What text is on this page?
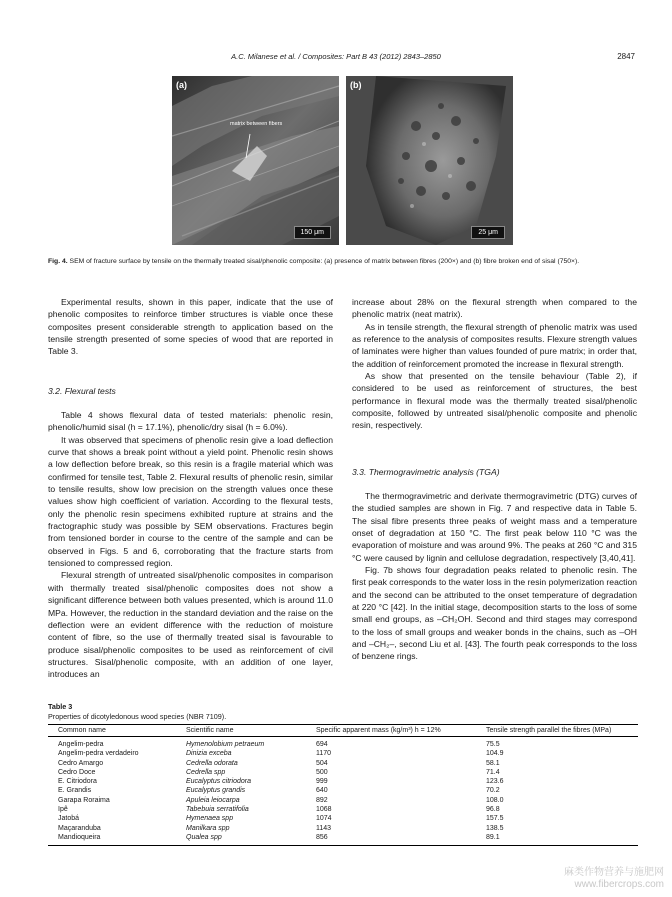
A.C. Milanese et al. / Composites: Part B 43 (2012) 2843–2850	2847
(a)
matrix between fibers
150 μm
(b)
25 μm
Fig. 4. SEM of fracture surface by tensile on the thermally treated sisal/phenolic composite: (a) presence of matrix between fibres (200×) and (b) fibre broken end of sisal (750×).

Experimental results, shown in this paper, indicate that the use of phenolic composites to reinforce timber structures is viable once these composites present considerable strength to application based on the tensile strength presented of some species of wood that are reported in Table 3.

3.2. Flexural tests

Table 4 shows flexural data of tested materials: phenolic resin, phenolic/humid sisal (h = 17.1%), phenolic/dry sisal (h = 6.0%).

It was observed that specimens of phenolic resin give a load deflection curve that shows a break point without a yield point. Phenolic resin shows a low deflection before break, so this resin is a fragile material which was confirmed for tensile test, Table 2. Flexural results of phenolic resin, similar to tensile results, show low precision on the strength values once these values show high coefficient of variation. According to the flexural tests, only the phenolic resin specimens exhibited rupture at strains and the fractographic study was possible by SEM observations. Fractures begin from tensioned border in course to the centre of the sample and can be observed in Figs. 5 and 6, corroborating that the fracture starts from tensioned to compressed region.

Flexural strength of untreated sisal/phenolic composites in comparison with thermally treated sisal/phenolic composites does not show a significant difference between both values presented, which is around 11.0 MPa. However, the reduction in the standard deviation and the raise on the deflection were an evident difference with the reduction of moisture content of fibre, so the use of thermally treated sisal is favourable to produce sisal/phenolic composites to be used as reinforcement of civil structures. Sisal/phenolic composite, with an addition of one layer, introduces an

increase about 28% on the flexural strength when compared to the phenolic matrix (neat matrix).

As in tensile strength, the flexural strength of phenolic matrix was used as reference to the analysis of composites results. Flexure strength values of laminates were higher than values founded of pure matrix; in order that, the addition of reinforcement promoted the increase in flexural strength.

As show that presented on the tensile behaviour (Table 2), if considered to be used as reinforcement of structures, the best performance in flexural mode was the thermally treated sisal/phenolic composite, followed by untreated sisal/phenolic composite and phenolic resin, respectively.

3.3. Thermogravimetric analysis (TGA)

The thermogravimetric and derivate thermogravimetric (DTG) curves of the studied samples are shown in Fig. 7 and respective data in Table 5. The sisal fibre presents three peaks of weight mass and a temperature onset of degradation at 150 °C. The first peak below 110 °C was the evaporation of moisture and was around 9%. The peaks at 260 °C and 315 °C were caused by lignin and cellulose degradation, respectively [3,40,41].

Fig. 7b shows four degradation peaks related to phenolic resin. The first peak corresponds to the water loss in the resin polymerization reaction and the second can be attributed to the onset temperature of degradation at 220 °C [42]. In the initial stage, decomposition starts to the loss of some small end groups, as –CH₂OH. Second and third stages may correspond to the loss of small groups and weaker bonds in the chains, such as –OH and –CH₂–, second Liu et al. [43]. The fourth peak corresponds to the loss of benzene rings.

Table 3
Properties of dicotyledonous wood species (NBR 7109).
Common name	Scientific name	Specific apparent mass (kg/m³) h = 12%	Tensile strength parallel the fibres (MPa)
Angelim-pedra	Hymenolobium petraeum	694	75.5
Angelim-pedra verdadeiro	Dinizia exceba	1170	104.9
Cedro Amargo	Cedrella odorata	504	58.1
Cedro Doce	Cedrella spp	500	71.4
E. Citriodora	Eucalyptus citriodora	999	123.6
E. Grandis	Eucalyptus grandis	640	70.2
Garapa Roraima	Apuleia leiocarpa	892	108.0
Ipê	Tabebuia serratifolia	1068	96.8
Jatobá	Hymenaea spp	1074	157.5
Maçaranduba	Manilkara spp	1143	138.5
Mandioqueira	Qualea spp	856	89.1
麻类作物营养与施肥网
www.fibercrops.com
